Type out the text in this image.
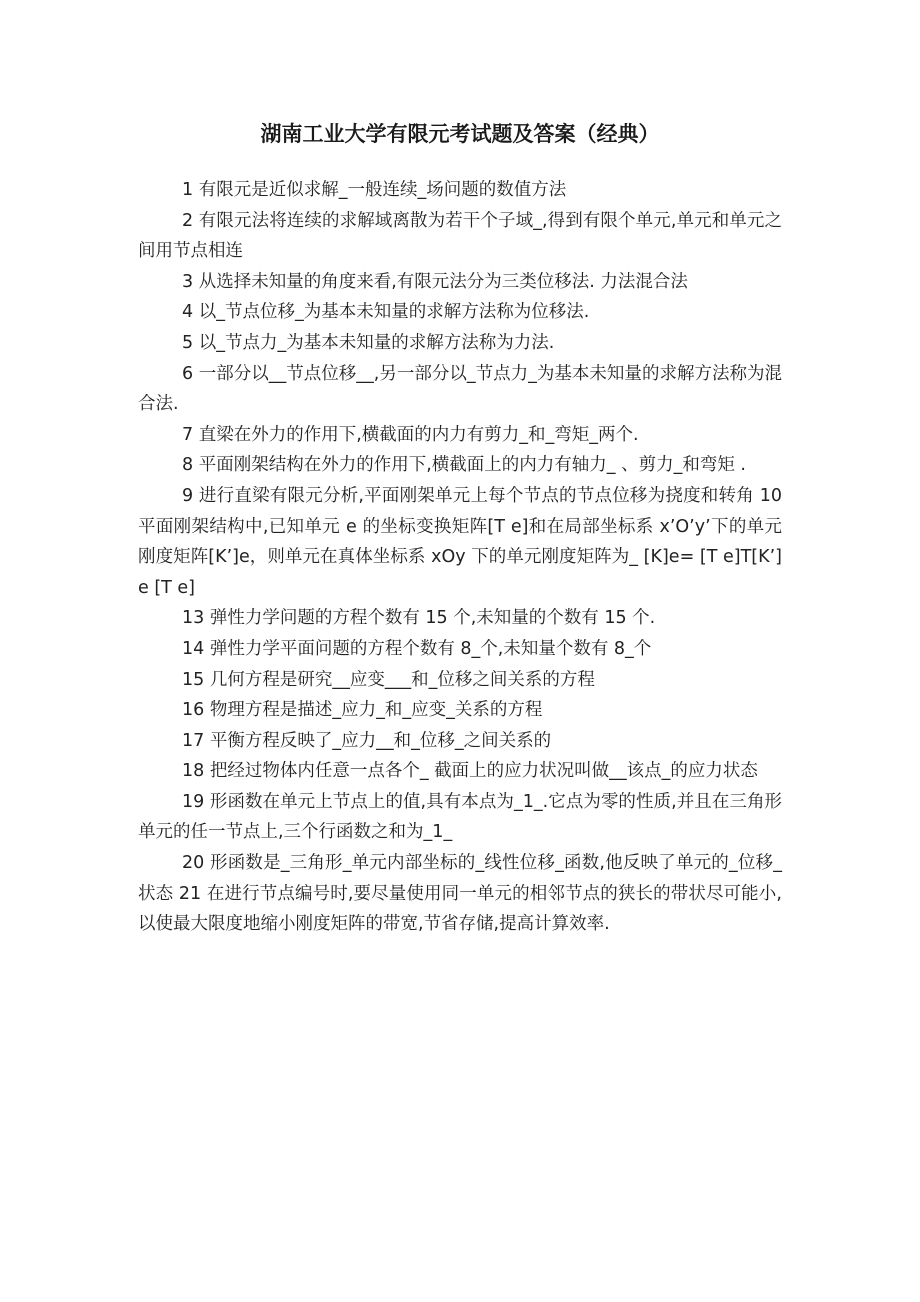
湖南工业大学有限元考试题及答案（经典）

1 有限元是近似求解_一般连续_场问题的数值方法

2 有限元法将连续的求解域离散为若干个子域_,得到有限个单元,单元和单元之间用节点相连

3 从选择未知量的角度来看,有限元法分为三类位移法. 力法混合法

4 以_节点位移_为基本未知量的求解方法称为位移法.

5 以_节点力_为基本未知量的求解方法称为力法.

6 一部分以__节点位移__,另一部分以_节点力_为基本未知量的求解方法称为混合法.

7 直梁在外力的作用下,横截面的内力有剪力_和_弯矩_两个.

8 平面刚架结构在外力的作用下,横截面上的内力有轴力_ 、剪力_和弯矩 .

9 进行直梁有限元分析,平面刚架单元上每个节点的节点位移为挠度和转角 10 平面刚架结构中,已知单元 e 的坐标变换矩阵[T e]和在局部坐标系 x’O’y’下的单元刚度矩阵[K’]e，则单元在真体坐标系 xOy 下的单元刚度矩阵为_ [K]e= [T e]T[K’]e [T e]

13 弹性力学问题的方程个数有 15 个,未知量的个数有 15 个.

14 弹性力学平面问题的方程个数有 8_个,未知量个数有 8_个

15 几何方程是研究__应变___和_位移之间关系的方程

16 物理方程是描述_应力_和_应变_关系的方程

17 平衡方程反映了_应力__和_位移_之间关系的

18 把经过物体内任意一点各个_ 截面上的应力状况叫做__该点_的应力状态

19 形函数在单元上节点上的值,具有本点为_1_.它点为零的性质,并且在三角形单元的任一节点上,三个行函数之和为_1_

20 形函数是_三角形_单元内部坐标的_线性位移_函数,他反映了单元的_位移_状态 21 在进行节点编号时,要尽量使用同一单元的相邻节点的狭长的带状尽可能小,以使最大限度地缩小刚度矩阵的带宽,节省存储,提高计算效率.
